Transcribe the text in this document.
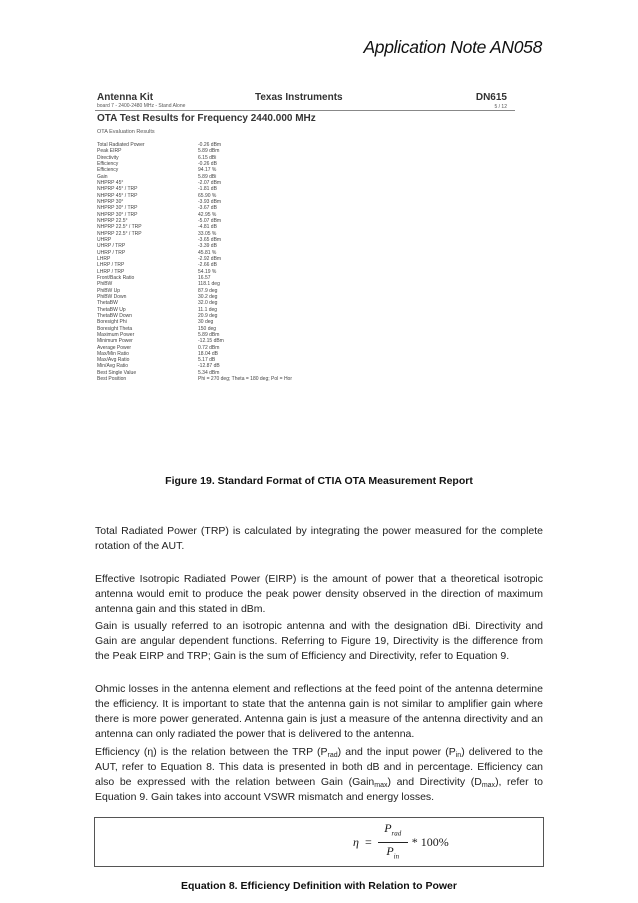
Application Note AN058
Antenna Kit
board 7 - 2400-2480 MHz - Stand Alone
Texas Instruments	DN615
5 / 12
OTA Test Results for Frequency 2440.000 MHz
OTA Evaluation Results
Total Radiated Power	-0.26 dBm
Peak EIRP	5.89 dBm
Directivity	6.15 dBi
Efficiency	-0.26 dB
Efficiency	94.17 %
Gain	5.89 dBi
NHPRP 45°	-2.07 dBm
NHPRP 45° / TRP	-1.81 dB
NHPRP 45° / TRP	65.90 %
NHPRP 30°	-3.93 dBm
NHPRP 30° / TRP	-3.67 dB
NHPRP 30° / TRP	42.95 %
NHPRP 22.5°	-5.07 dBm
NHPRP 22.5° / TRP	-4.81 dB
NHPRP 22.5° / TRP	33.05 %
UHRP	-3.65 dBm
UHRP / TRP	-3.39 dB
UHRP / TRP	45.81 %
LHRP	-2.92 dBm
LHRP / TRP	-2.66 dB
LHRP / TRP	54.19 %
Front/Back Ratio	16.57
PhiBW	118.1 deg
PhiBW Up	87.9 deg
PhiBW Down	30.2 deg
ThetaBW	32.0 deg
ThetaBW Up	11.1 deg
ThetaBW Down	20.9 deg
Boresight Phi	30 deg
Boresight Theta	150 deg
Maximum Power	5.89 dBm
Minimum Power	-12.15 dBm
Average Power	0.72 dBm
Max/Min Ratio	18.04 dB
Max/Avg Ratio	5.17 dB
Min/Avg Ratio	-12.87 dB
Best Single Value	5.34 dBm
Best Position	Phi = 270 deg; Theta = 180 deg; Pol = Hor
Figure 19. Standard Format of CTIA OTA Measurement Report

Total Radiated Power (TRP) is calculated by integrating the power measured for the complete rotation of the AUT.

Effective Isotropic Radiated Power (EIRP) is the amount of power that a theoretical isotropic antenna would emit to produce the peak power density observed in the direction of maximum antenna gain and this stated in dBm.

Gain is usually referred to an isotropic antenna and with the designation dBi. Directivity and Gain are angular dependent functions. Referring to Figure 19, Directivity is the difference from the Peak EIRP and TRP; Gain is the sum of Efficiency and Directivity, refer to Equation 9.

Ohmic losses in the antenna element and reflections at the feed point of the antenna determine the efficiency. It is important to state that the antenna gain is not similar to amplifier gain where there is more power generated. Antenna gain is just a measure of the antenna directivity and an antenna can only radiated the power that is delivered to the antenna.

Efficiency (η) is the relation between the TRP $(P_{rad})$ and the input power $(P_{in})$ delivered to the AUT, refer to Equation 8. This data is presented in both dB and in percentage. Efficiency can also be expressed with the relation between Gain (Gain$_{max}$) and Directivity $(D_{max})$, refer to Equation 9. Gain takes into account VSWR mismatch and energy losses.

$\eta = \frac{P_{rad}}{P_{in}} * 100\%$
Equation 8. Efficiency Definition with Relation to Power
